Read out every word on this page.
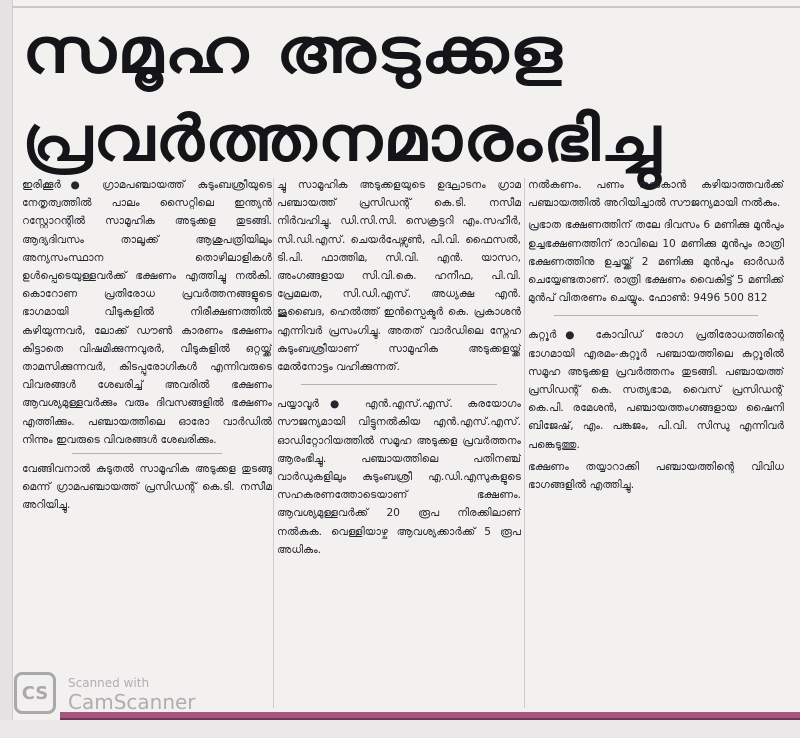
സമൂഹ അടുക്കള
പ്രവർത്തനമാരംഭിച്ചു

ഇരിക്കൂർ● ഗ്രാമപഞ്ചായത്ത് കുടുംബശ്രീയുടെ നേതൃത്വത്തിൽ പാലം സൈറ്റിലെ ഇന്ത്യൻ റസ്റ്റോറന്റിൽ സാമൂഹിക അടുക്കള തുടങ്ങി. ആദ്യദിവസം താലൂക്ക് ആശുപത്രിയിലും അന്യസംസ്ഥാന തൊഴിലാളികൾ ഉൾപ്പെടെയുള്ളവർക്ക് ഭക്ഷണം എത്തിച്ചു നൽകി. കൊറോണ പ്രതിരോധ പ്രവർത്തനങ്ങളുടെ ഭാഗമായി വീടുകളിൽ നിരീക്ഷണത്തിൽ കഴിയുന്നവർ, ലോക്ക് ഡൗൺ കാരണം ഭക്ഷണം കിട്ടാതെ വിഷമിക്കുന്നവുരർ, വീടുകളിൽ ഒറ്റയ്ക്ക് താമസിക്കുന്നവർ, കിടപ്പുരോഗികൾ എന്നിവരുടെ വിവരങ്ങൾ ശേഖരിച്ച് അവരിൽ ഭക്ഷണം ആവശ്യമുള്ളവർക്കും വരും ദിവസങ്ങളിൽ ഭക്ഷണം എത്തിക്കും. പഞ്ചായത്തിലെ ഓരോ വാർഡിൽ നിന്നും ഇവരുടെ വിവരങ്ങൾ ശേഖരിക്കും.

വേങ്ങിവനാൽ കുടുതൽ സാമൂഹിക അടുക്കള തുടങ്ങു മെന്ന് ഗ്രാമപഞ്ചായത്ത് പ്രസിഡന്റ് കെ.ടി. നസീമ അറിയിച്ചു.

ച്ചു സാമൂഹിക അടുക്കളയുടെ ഉദ്ഘാടനം ഗ്രാമ പഞ്ചായത്ത് പ്രസിഡന്റ് കെ.ടി. നസീമ നിർവഹിച്ചു. ഡി.സി.സി. സെക്രട്ടറി എം.സഹീർ, സി.ഡി.എസ്. ചെയർപേഴ്സൺ, പി.വി. ഫൈസൽ, ടി.പി. ഫാത്തിമ, സി.വി. എൻ. യാസറ, അംഗങ്ങളായ സി.വി.കെ. ഹനീഫ, പി.വി. പ്രേമലത, സി.ഡി.എസ്. അധ്യക്ഷ എൻ. ജുബൈദ, ഹെൽത്ത് ഇൻസ്പെക്ടർ കെ. പ്രകാശൻ എന്നിവർ പ്രസംഗിച്ചു. അതത് വാർഡിലെ സ്നേഹ കുടുംബശ്രീയാണ് സാമൂഹിക അടുക്കളയ്ക്ക് മേൽനോട്ടം വഹിക്കുന്നത്.

പയ്യാവൂർ● എൻ.എസ്.എസ്. കരയോഗം സൗജന്യമായി വിട്ടുനൽകിയ എൻ.എസ്.എസ്. ഓഡിറ്റോറിയത്തിൽ സമൂഹ അടുക്കള പ്രവർത്തനം ആരംഭിച്ചു. പഞ്ചായത്തിലെ പതിനഞ്ച് വാർഡുകളിലും കുടുംബശ്രീ എ.ഡി.എസുകളുടെ സഹകരണത്തോടെയാണ് ഭക്ഷണം. ആവശ്യമുള്ളവർക്ക് 20 രൂപ നിരക്കിലാണ് നൽകുക. വെള്ളിയാഴ്ച ആവശ്യക്കാർക്ക് 5 രൂപ അധികം.

നൽകണം. പണം നൽകാൻ കഴിയാത്തവർക്ക് പഞ്ചായത്തിൽ അറിയിച്ചാൽ സൗജന്യമായി നൽകും.

പ്രഭാത ഭക്ഷണത്തിന് തലേ ദിവസം 6 മണിക്കു മുൻപും ഉച്ചഭക്ഷണത്തിന് രാവിലെ 10 മണിക്കു മുൻപും രാത്രി ഭക്ഷണത്തിനു ഉച്ചയ്ക്ക് 2 മണിക്കു മുൻപും ഓർഡർ ചെയ്യേണ്ടതാണ്. രാത്രി ഭക്ഷണം വൈകിട്ട് 5 മണിക്ക് മുൻപ് വിതരണം ചെയ്യും. ഫോൺ: 9496 500 812

കുറ്റൂർ● കോവിഡ് രോഗ പ്രതിരോധത്തിന്റെ ഭാഗമായി എരമം-കുറ്റൂർ പഞ്ചായത്തിലെ കുറ്റൂരിൽ സമൂഹ അടുക്കള പ്രവർത്തനം തുടങ്ങി. പഞ്ചായത്ത് പ്രസിഡന്റ് കെ. സത്യഭാമ, വൈസ് പ്രസിഡന്റ് കെ.പി. രമേശൻ, പഞ്ചായത്തംഗങ്ങളായ ഷൈനി ബിജേഷ്, എം. പങ്കജം, പി.വി. സിന്ധു എന്നിവർ പങ്കെടുത്തു.

ഭക്ഷണം തയ്യാറാക്കി പഞ്ചായത്തിന്റെ വിവിധ ഭാഗങ്ങളിൽ എത്തിച്ചു.

CS	Scanned with
CamScanner
